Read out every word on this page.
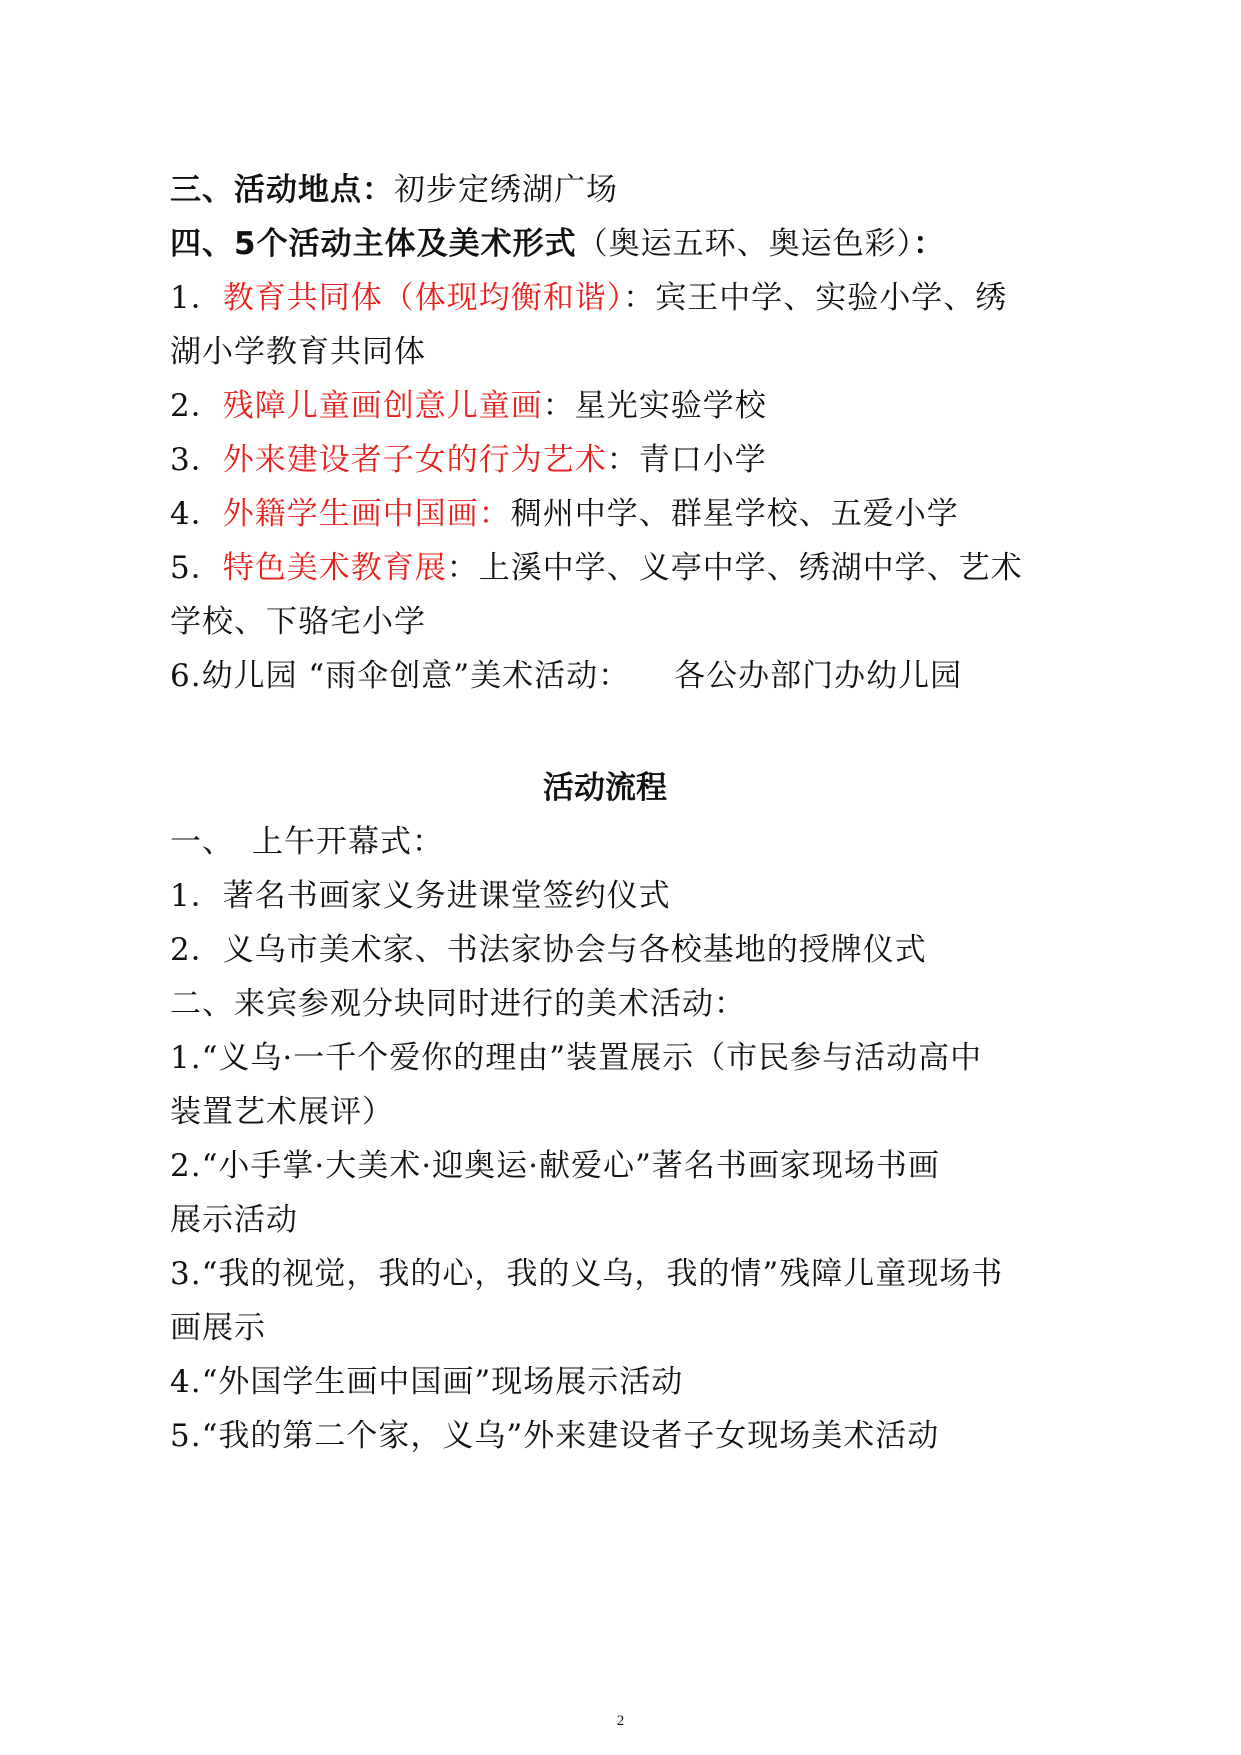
三、活动地点：初步定绣湖广场
四、5个活动主体及美术形式（奥运五环、奥运色彩）：
1．教育共同体（体现均衡和谐）：宾王中学、实验小学、绣
湖小学教育共同体
2．残障儿童画创意儿童画：星光实验学校
3．外来建设者子女的行为艺术：青口小学
4．外籍学生画中国画：稠州中学、群星学校、五爱小学
5．特色美术教育展：上溪中学、义亭中学、绣湖中学、艺术
学校、下骆宅小学
6.幼儿园 “雨伞创意”美术活动： 各公办部门办幼儿园
活动流程
一、 上午开幕式：
1．著名书画家义务进课堂签约仪式
2．义乌市美术家、书法家协会与各校基地的授牌仪式
二、来宾参观分块同时进行的美术活动：
1.“义乌·一千个爱你的理由”装置展示（市民参与活动高中
装置艺术展评）
2.“小手掌·大美术·迎奥运·献爱心”著名书画家现场书画
展示活动
3.“我的视觉，我的心，我的义乌，我的情”残障儿童现场书
画展示
4.“外国学生画中国画”现场展示活动
5.“我的第二个家，义乌”外来建设者子女现场美术活动
2
